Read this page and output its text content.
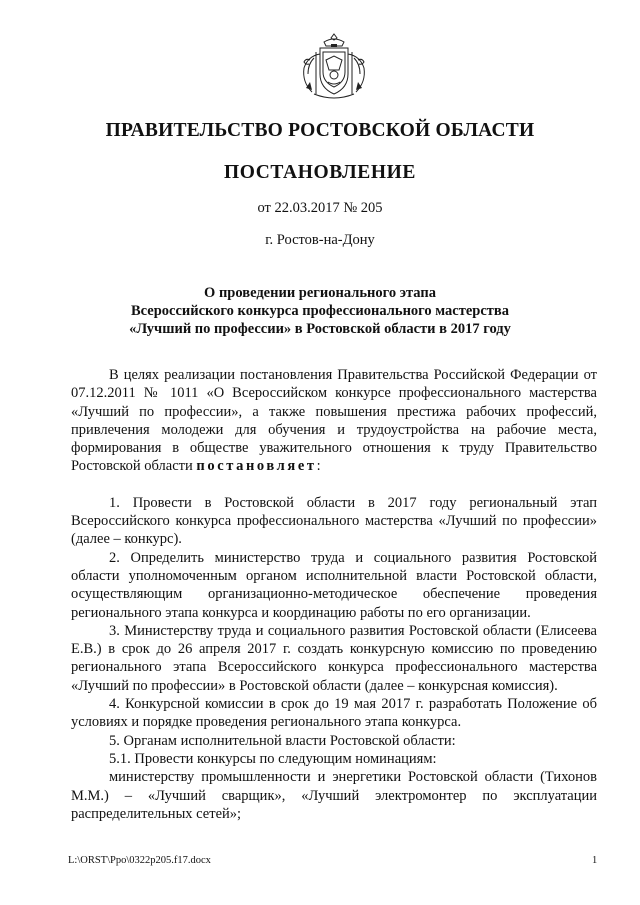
ПРАВИТЕЛЬСТВО РОСТОВСКОЙ ОБЛАСТИ
ПОСТАНОВЛЕНИЕ
от 22.03.2017 № 205
г. Ростов-на-Дону
О проведении регионального этапа
Всероссийского конкурса профессионального мастерства
«Лучший по профессии» в Ростовской области в 2017 году

В целях реализации постановления Правительства Российской Федерации от 07.12.2011 № 1011 «О Всероссийском конкурсе профессионального мастерства «Лучший по профессии», а также повышения престижа рабочих профессий, привлечения молодежи для обучения и трудоустройства на рабочие места, формирования в обществе уважительного отношения к труду Правительство Ростовской области постановляет:

1. Провести в Ростовской области в 2017 году региональный этап Всероссийского конкурса профессионального мастерства «Лучший по профессии» (далее – конкурс).

2. Определить министерство труда и социального развития Ростовской области уполномоченным органом исполнительной власти Ростовской области, осуществляющим организационно-методическое обеспечение проведения регионального этапа конкурса и координацию работы по его организации.

3. Министерству труда и социального развития Ростовской области (Елисеева Е.В.) в срок до 26 апреля 2017 г. создать конкурсную комиссию по проведению регионального этапа Всероссийского конкурса профессионального мастерства «Лучший по профессии» в Ростовской области (далее – конкурсная комиссия).

4. Конкурсной комиссии в срок до 19 мая 2017 г. разработать Положение об условиях и порядке проведения регионального этапа конкурса.

5. Органам исполнительной власти Ростовской области:

5.1. Провести конкурсы по следующим номинациям:

министерству промышленности и энергетики Ростовской области (Тихонов М.М.) – «Лучший сварщик», «Лучший электромонтер по эксплуатации распределительных сетей»;

L:\ORST\Ppo\0322p205.f17.docx	1
